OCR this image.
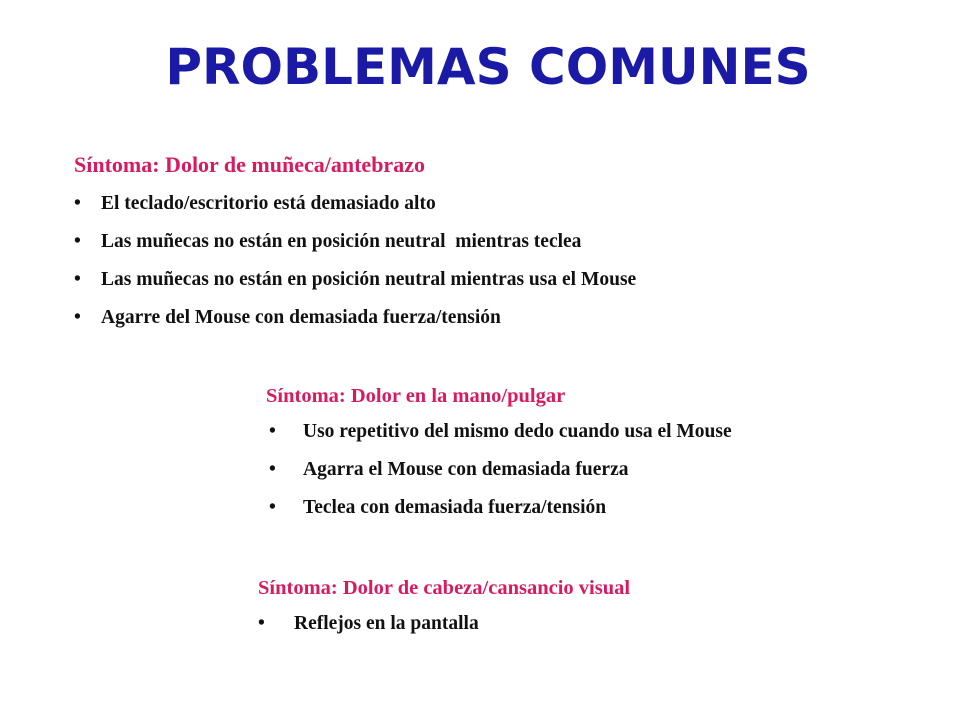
PROBLEMAS COMUNES
Síntoma: Dolor de muñeca/antebrazo
• El teclado/escritorio está demasiado alto
• Las muñecas no están en posición neutral  mientras teclea
• Las muñecas no están en posición neutral mientras usa el Mouse
• Agarre del Mouse con demasiada fuerza/tensión
Síntoma: Dolor en la mano/pulgar
• Uso repetitivo del mismo dedo cuando usa el Mouse
• Agarra el Mouse con demasiada fuerza
• Teclea con demasiada fuerza/tensión
Síntoma: Dolor de cabeza/cansancio visual
• Reflejos en la pantalla
